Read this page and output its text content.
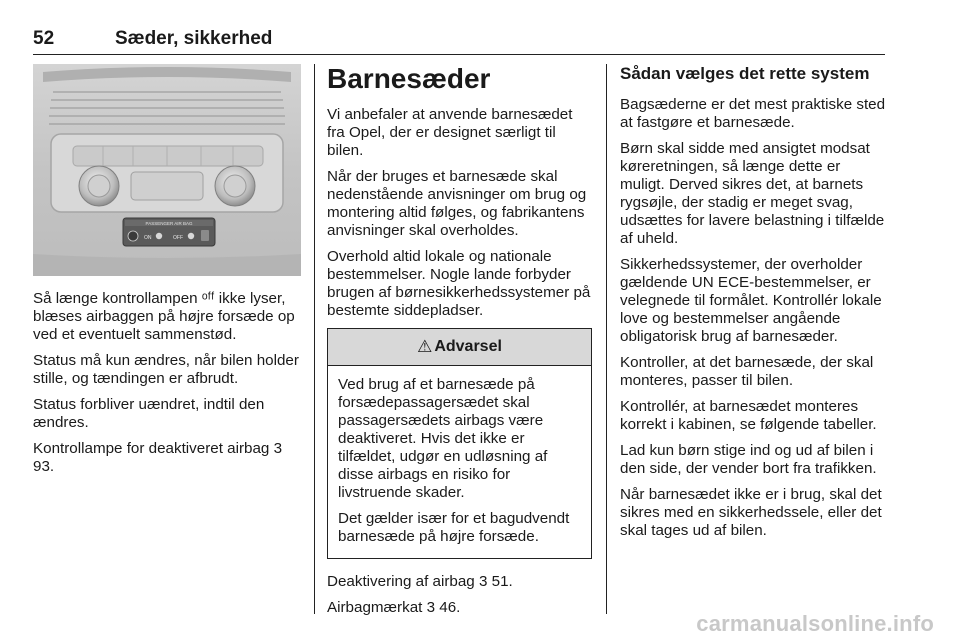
52	Sæder, sikkerhed
PASSENGER AIR BAG
ON	OFF

Så længe kontrollampen ᵒᶠᶠ ikke lyser, blæses airbaggen på højre forsæde op ved et eventuelt sammenstød.

Status må kun ændres, når bilen holder stille, og tændingen er afbrudt.

Status forbliver uændret, indtil den ændres.

Kontrollampe for deaktiveret airbag 3 93.

Barnesæder

Vi anbefaler at anvende barnesædet fra Opel, der er designet særligt til bilen.

Når der bruges et barnesæde skal nedenstående anvisninger om brug og montering altid følges, og fabrikantens anvisninger skal overholdes.

Overhold altid lokale og nationale bestemmelser. Nogle lande forbyder brugen af børnesikkerhedssystemer på bestemte siddepladser.

⚠ Advarsel

Ved brug af et barnesæde på forsædepassagersædet skal passagersædets airbags være deaktiveret. Hvis det ikke er tilfældet, udgør en udløsning af disse airbags en risiko for livstruende skader.

Det gælder især for et bagudvendt barnesæde på højre forsæde.

Deaktivering af airbag 3 51.

Airbagmærkat 3 46.

Sådan vælges det rette system

Bagsæderne er det mest praktiske sted at fastgøre et barnesæde.

Børn skal sidde med ansigtet modsat køreretningen, så længe dette er muligt. Derved sikres det, at barnets rygsøjle, der stadig er meget svag, udsættes for lavere belastning i tilfælde af uheld.

Sikkerhedssystemer, der overholder gældende UN ECE-bestemmelser, er velegnede til formålet. Kontrollér lokale love og bestemmelser angående obligatorisk brug af barnesæder.

Kontroller, at det barnesæde, der skal monteres, passer til bilen.

Kontrollér, at barnesædet monteres korrekt i kabinen, se følgende tabeller.

Lad kun børn stige ind og ud af bilen i den side, der vender bort fra trafikken.

Når barnesædet ikke er i brug, skal det sikres med en sikkerhedssele, eller det skal tages ud af bilen.

carmanualsonline.info
